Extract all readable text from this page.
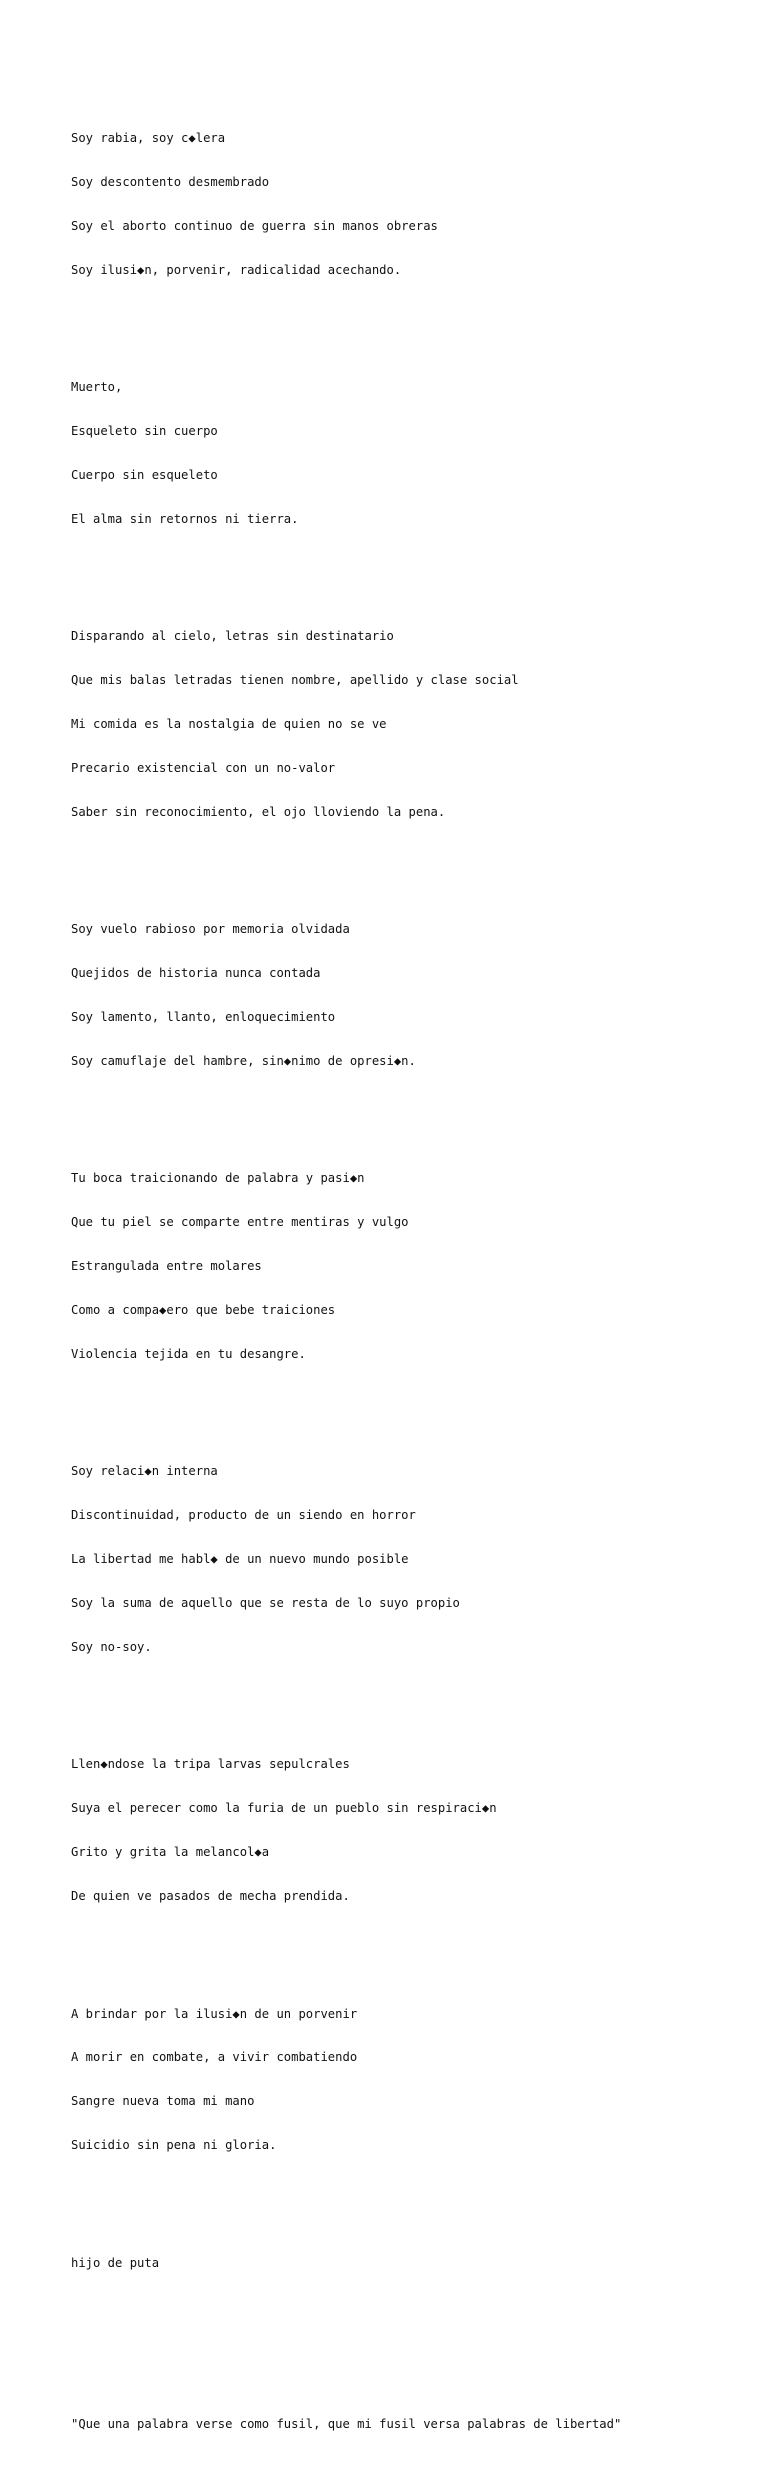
Soy rabia, soy c◆lera

Soy descontento desmembrado

Soy el aborto continuo de guerra sin manos obreras

Soy ilusi◆n, porvenir, radicalidad acechando.

Muerto,

Esqueleto sin cuerpo

Cuerpo sin esqueleto

El alma sin retornos ni tierra.

Disparando al cielo, letras sin destinatario

Que mis balas letradas tienen nombre, apellido y clase social

Mi comida es la nostalgia de quien no se ve

Precario existencial con un no-valor

Saber sin reconocimiento, el ojo lloviendo la pena.

Soy vuelo rabioso por memoria olvidada

Quejidos de historia nunca contada

Soy lamento, llanto, enloquecimiento

Soy camuflaje del hambre, sin◆nimo de opresi◆n.

Tu boca traicionando de palabra y pasi◆n

Que tu piel se comparte entre mentiras y vulgo

Estrangulada entre molares

Como a compa◆ero que bebe traiciones

Violencia tejida en tu desangre.

Soy relaci◆n interna

Discontinuidad, producto de un siendo en horror

La libertad me habl◆ de un nuevo mundo posible

Soy la suma de aquello que se resta de lo suyo propio

Soy no-soy.

Llen◆ndose la tripa larvas sepulcrales

Suya el perecer como la furia de un pueblo sin respiraci◆n

Grito y grita la melancol◆a

De quien ve pasados de mecha prendida.

A brindar por la ilusi◆n de un porvenir

A morir en combate, a vivir combatiendo

Sangre nueva toma mi mano

Suicidio sin pena ni gloria.

hijo de puta

"Que una palabra verse como fusil, que mi fusil versa palabras de libertad"
